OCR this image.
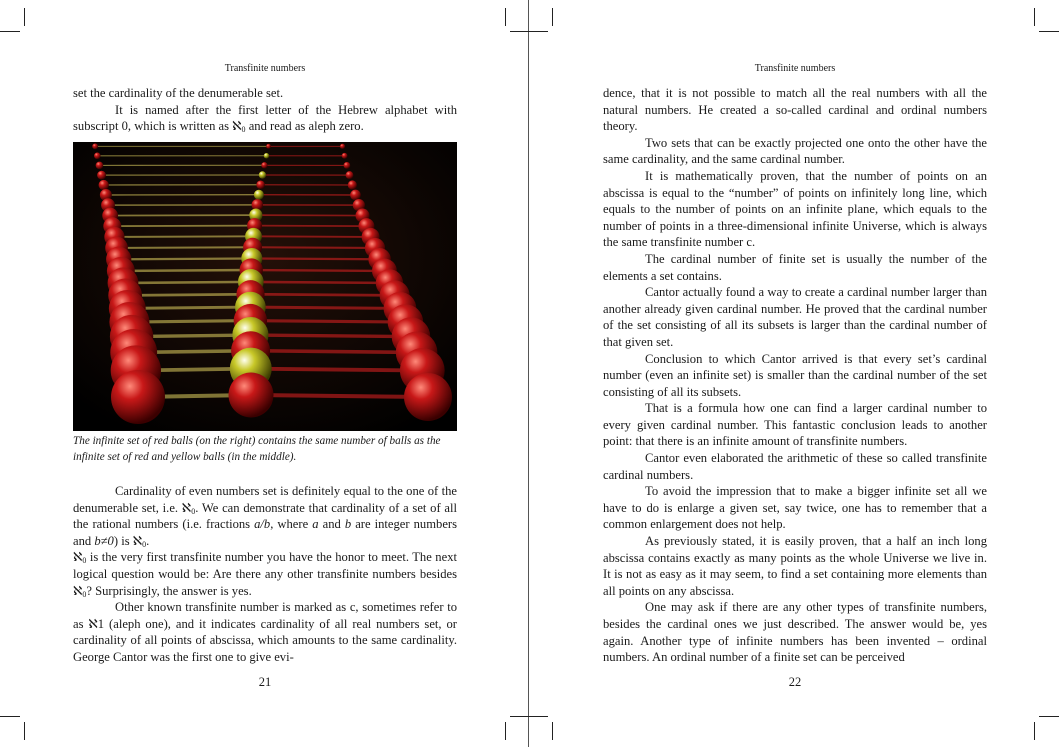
Transfinite numbers

set the cardinality of the denumerable set.

It is named after the first letter of the Hebrew alphabet with subscript 0, which is written as ℵ$_0$ and read as aleph zero.

The infinite set of red balls (on the right) contains the same number of balls as the infinite set of red and yellow balls (in the middle).

Cardinality of even numbers set is definitely equal to the one of the denumerable set, i.e. ℵ$_0$. We can demonstrate that cardinality of a set of all the rational numbers (i.e. fractions a/b, where a and b are integer numbers and b≠0) is ℵ$_0$.

ℵ$_0$ is the very first transfinite number you have the honor to meet. The next logical question would be: Are there any other transfinite numbers besides ℵ$_0$? Surprisingly, the answer is yes.

Other known transfinite number is marked as c, sometimes refer to as ℵ1 (aleph one), and it indicates cardinality of all real numbers set, or cardinality of all points of abscissa, which amounts to the same cardinality. George Cantor was the first one to give evi-

21
Transfinite numbers

dence, that it is not possible to match all the real numbers with all the natural numbers. He created a so-called cardinal and ordinal numbers theory.

Two sets that can be exactly projected one onto the other have the same cardinality, and the same cardinal number.

It is mathematically proven, that the number of points on an abscissa is equal to the “number” of points on infinitely long line, which equals to the number of points on an infinite plane, which equals to the number of points in a three-dimensional infinite Universe, which is always the same transfinite number c.

The cardinal number of finite set is usually the number of the elements a set contains.

Cantor actually found a way to create a cardinal number larger than another already given cardinal number. He proved that the cardinal number of the set consisting of all its subsets is larger than the cardinal number of that given set.

Conclusion to which Cantor arrived is that every set’s cardinal number (even an infinite set) is smaller than the cardinal number of the set consisting of all its subsets.

That is a formula how one can find a larger cardinal number to every given cardinal number. This fantastic conclusion leads to another point: that there is an infinite amount of transfinite numbers.

Cantor even elaborated the arithmetic of these so called transfinite cardinal numbers.

To avoid the impression that to make a bigger infinite set all we have to do is enlarge a given set, say twice, one has to remember that a common enlargement does not help.

As previously stated, it is easily proven, that a half an inch long abscissa contains exactly as many points as the whole Universe we live in. It is not as easy as it may seem, to find a set containing more elements than all points on any abscissa.

One may ask if there are any other types of transfinite numbers, besides the cardinal ones we just described. The answer would be, yes again. Another type of infinite numbers has been invented – ordinal numbers. An ordinal number of a finite set can be perceived

22
